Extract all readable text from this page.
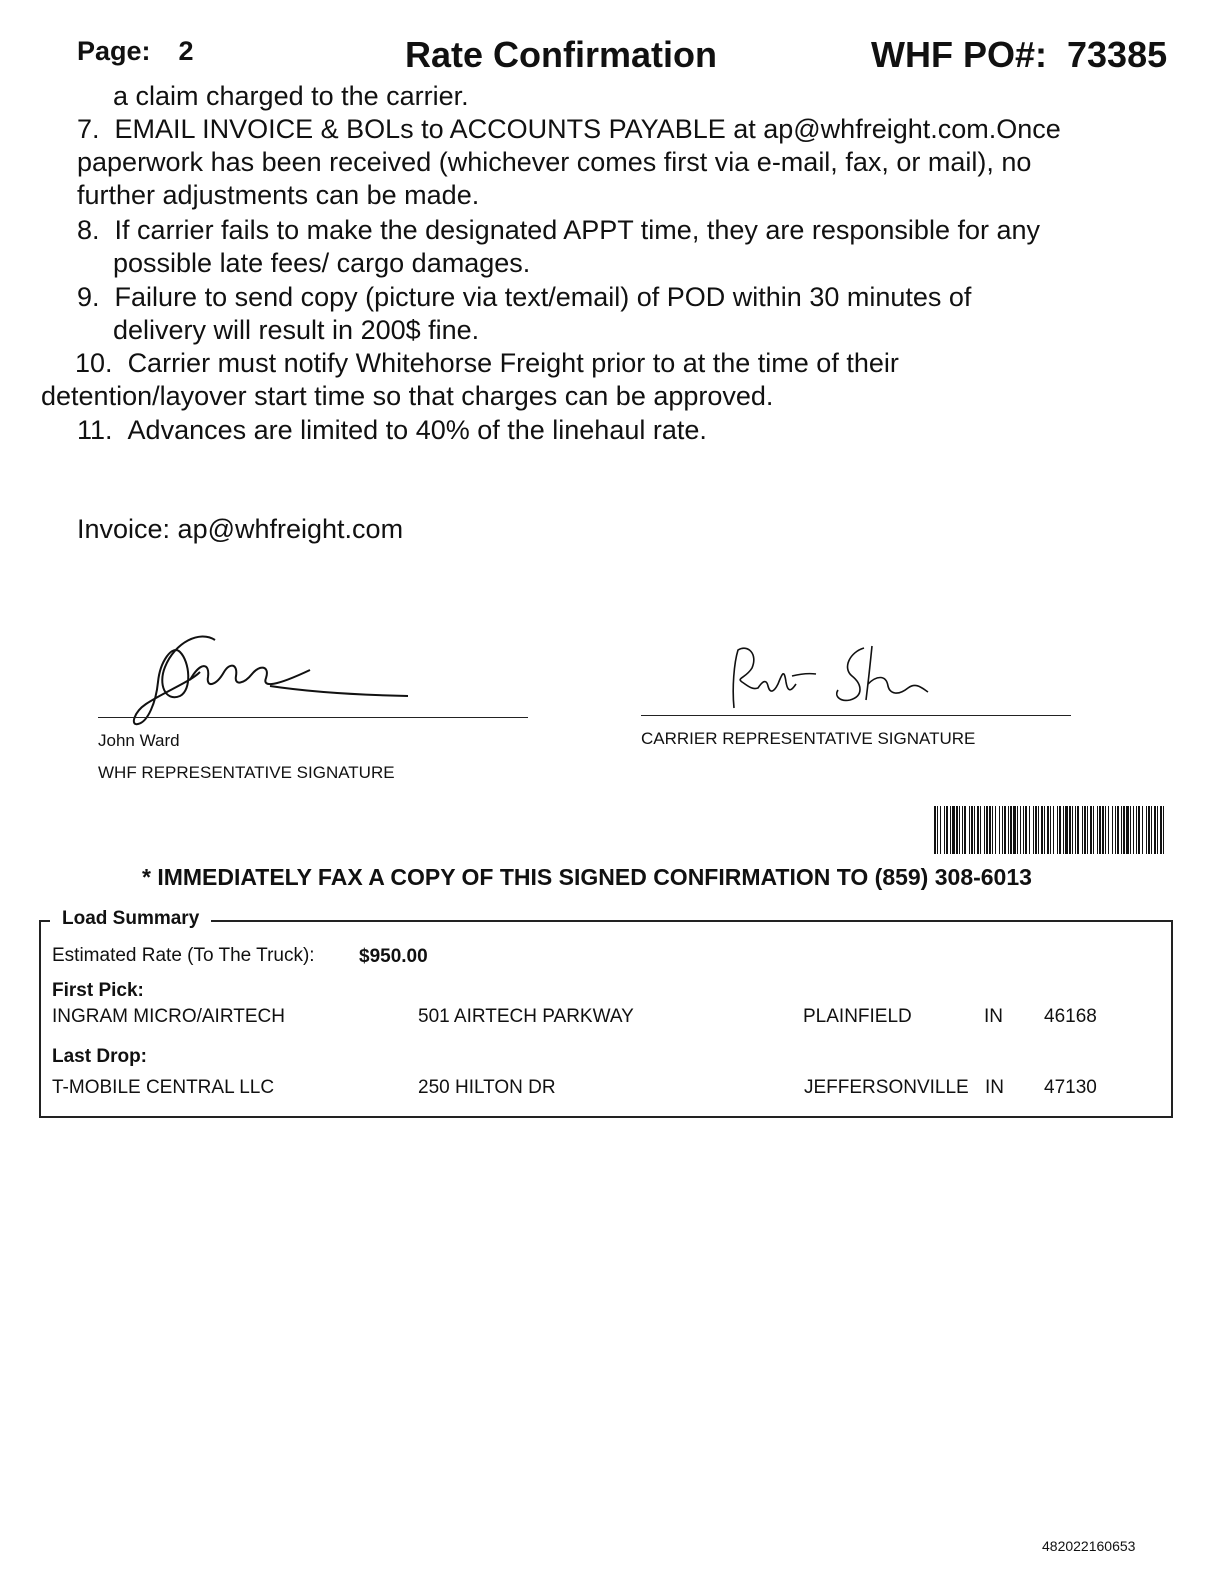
Page: 2	Rate Confirmation	WHF PO#: 73385
a claim charged to the carrier.
7. EMAIL INVOICE & BOLs to ACCOUNTS PAYABLE at ap@whfreight.com.Once
paperwork has been received (whichever comes first via e-mail, fax, or mail), no
further adjustments can be made.
8. If carrier fails to make the designated APPT time, they are responsible for any
possible late fees/ cargo damages.
9. Failure to send copy (picture via text/email) of POD within 30 minutes of
delivery will result in 200$ fine.
10. Carrier must notify Whitehorse Freight prior to at the time of their
detention/layover start time so that charges can be approved.
11. Advances are limited to 40% of the linehaul rate.
Invoice: ap@whfreight.com
John Ward
WHF REPRESENTATIVE SIGNATURE
CARRIER REPRESENTATIVE SIGNATURE
* IMMEDIATELY FAX A COPY OF THIS SIGNED CONFIRMATION TO (859) 308-6013
Load Summary
Estimated Rate (To The Truck): $950.00
First Pick:
INGRAM MICRO/AIRTECH	501 AIRTECH PARKWAY	PLAINFIELD	IN 46168
Last Drop:
T-MOBILE CENTRAL LLC	250 HILTON DR	JEFFERSONVILLE IN 47130
482022160653
